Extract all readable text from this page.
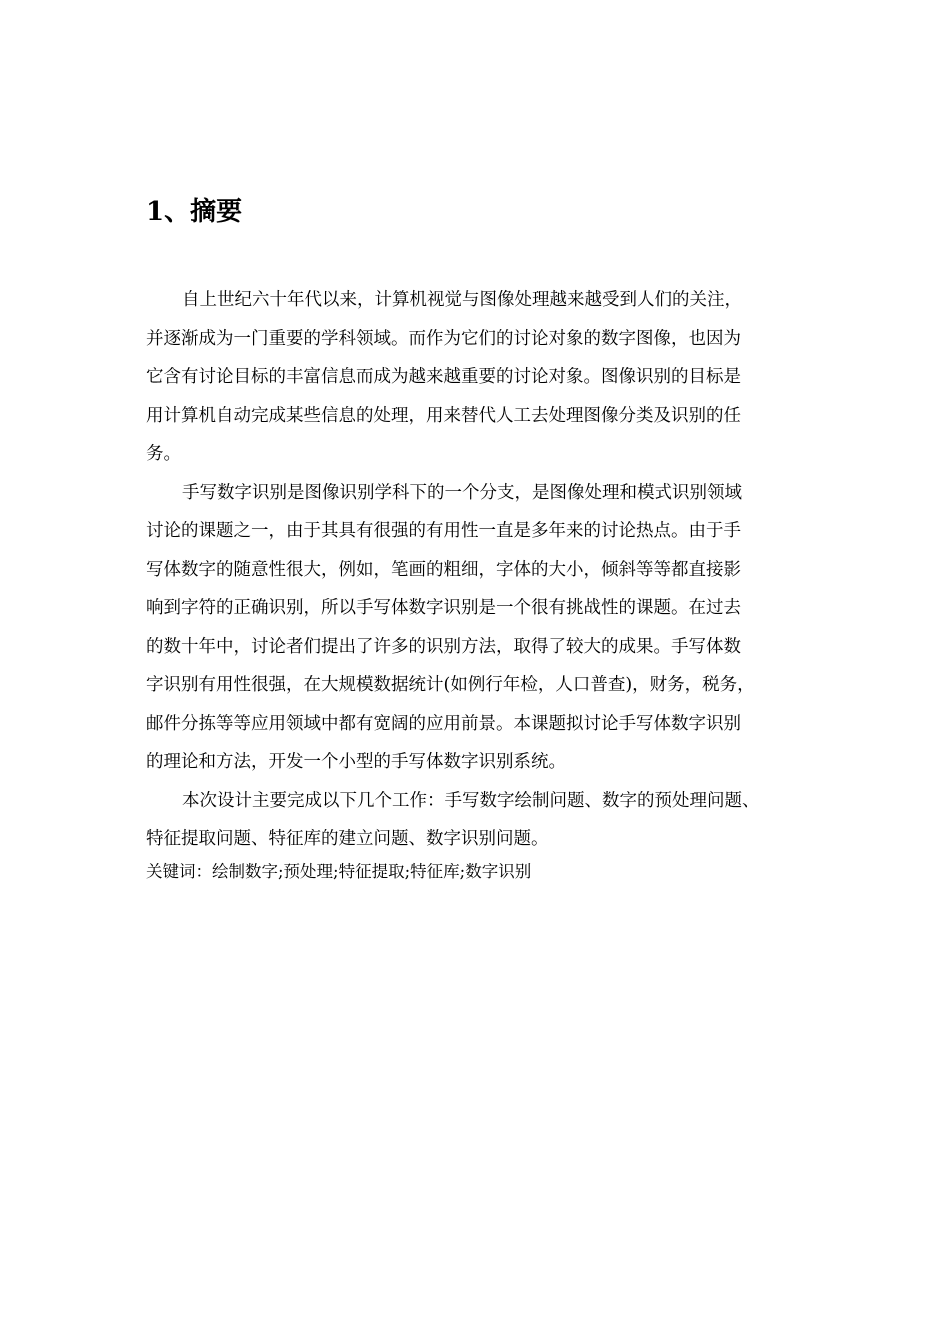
1、摘要
自上世纪六十年代以来，计算机视觉与图像处理越来越受到人们的关注，
并逐渐成为一门重要的学科领域。而作为它们的讨论对象的数字图像，也因为
它含有讨论目标的丰富信息而成为越来越重要的讨论对象。图像识别的目标是
用计算机自动完成某些信息的处理，用来替代人工去处理图像分类及识别的任
务。
手写数字识别是图像识别学科下的一个分支，是图像处理和模式识别领域
讨论的课题之一，由于其具有很强的有用性一直是多年来的讨论热点。由于手
写体数字的随意性很大，例如，笔画的粗细，字体的大小，倾斜等等都直接影
响到字符的正确识别，所以手写体数字识别是一个很有挑战性的课题。在过去
的数十年中，讨论者们提出了许多的识别方法，取得了较大的成果。手写体数
字识别有用性很强，在大规模数据统计(如例行年检，人口普查)，财务，税务，
邮件分拣等等应用领域中都有宽阔的应用前景。本课题拟讨论手写体数字识别
的理论和方法，开发一个小型的手写体数字识别系统。
本次设计主要完成以下几个工作：手写数字绘制问题、数字的预处理问题、
特征提取问题、特征库的建立问题、数字识别问题。
关键词：绘制数字;预处理;特征提取;特征库;数字识别
